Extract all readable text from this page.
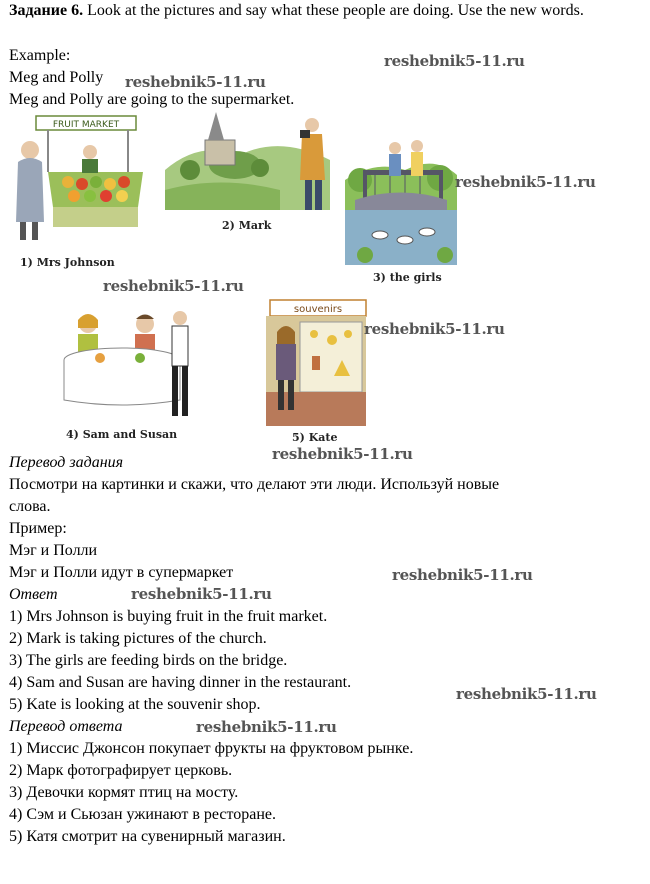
Задание 6. Look at the pictures and say what these people are doing. Use the new words.
Example:
Meg and Polly
Meg and Polly are going to the supermarket.
FRUIT MARKET
1) Mrs Johnson
2) Mark
3) the girls
4) Sam and Susan
souvenirs
5) Kate
Перевод задания
Посмотри на картинки и скажи, что делают эти люди. Используй новые
слова.
Пример:
Мэг и Полли
Мэг и Полли идут в супермаркет
Ответ
1) Mrs Johnson is buying fruit in the fruit market.
2) Mark is taking pictures of the church.
3) The girls are feeding birds on the bridge.
4) Sam and Susan are having dinner in the restaurant.
5) Kate is looking at the souvenir shop.
Перевод ответа
1) Миссис Джонсон покупает фрукты на фруктовом рынке.
2) Марк фотографирует церковь.
3) Девочки кормят птиц на мосту.
4) Сэм и Сьюзан ужинают в ресторане.
5) Катя смотрит на сувенирный магазин.
reshebnik5-11.ru
reshebnik5-11.ru
reshebnik5-11.ru
reshebnik5-11.ru
reshebnik5-11.ru
reshebnik5-11.ru
reshebnik5-11.ru
reshebnik5-11.ru
reshebnik5-11.ru
reshebnik5-11.ru
